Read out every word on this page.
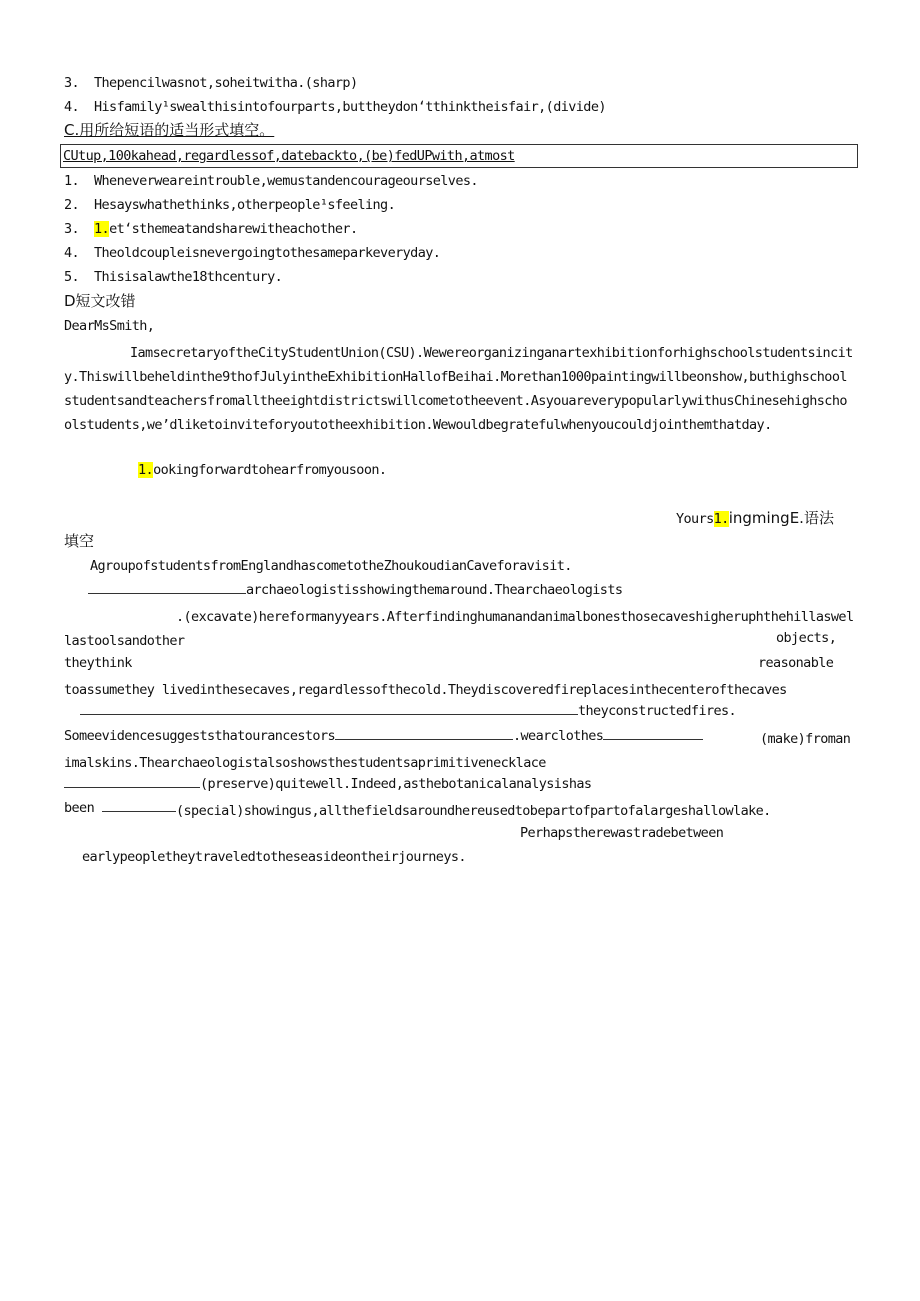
3. Thepencilwasnot,soheitwitha.(sharp)
4. Hisfamily¹swealthisintofourparts,buttheydonʻtthinktheisfair,(divide)
C.用所给短语的适当形式填空。
CUtup,100kahead,regardlessof,datebackto,(be)fedUPwith,atmost
1. Wheneverweareintrouble,wemustandencourageourselves.
2. Hesayswhathethinks,otherpeople¹sfeeling.
3. 1.etʻsthemeatandsharewitheachother.
4. Theoldcoupleisnevergoingtothesameparkeveryday.
5. Thisisalawthe18thcentury.
D短文改错
DearMsSmith,
IamsecretaryoftheCityStudentUnion(CSU).Wewereorganizinganartexhibitionforhighschoolstudentsincity.Thiswillbeheldinthe9thofJulyintheExhibitionHallofBeihai.Morethan1000paintingwillbeonshow,buthighschoolstudentsandteachersfromalltheeightdistrictswillcometotheevent.AsyouareverypopularlywithusChinesehighschoolstudents,we’dliketoinviteforyoutotheexhibition.Wewouldbegratefulwhenyoucouldjointhemthatday.
1.ookingforwardtohearfromyousoon.
Yours1.ingmingE.语法
填空
AgroupofstudentsfromEnglandhascometotheZhoukoudianCaveforavisit.
archaeologistisshowingthemaround.Thearchaeologists
.(excavate)hereformanyyears.Afterfindinghumanandanimalbonesthosecaveshigheruphthehillaswellastoolsandother	objects,
theythink	reasonable
toassumethey livedinthesecaves,regardlessofthecold.Theydiscoveredfireplacesinthecenterofthecaves
theyconstructedfires.
Someevidencesuggeststhatourancestors	.wearclothes	(make)fromanimalskins.Thearchaeologistalsoshowsthestudentsaprimitivenecklace
(preserve)quitewell.Indeed,asthebotanicalanalysishas
been	(special)showingus,allthefieldsaroundhereusedtobepartofpartofalargeshallowlake.
Perhapstherewastradebetween
earlypeopletheytraveledtotheseasideontheirjourneys.
